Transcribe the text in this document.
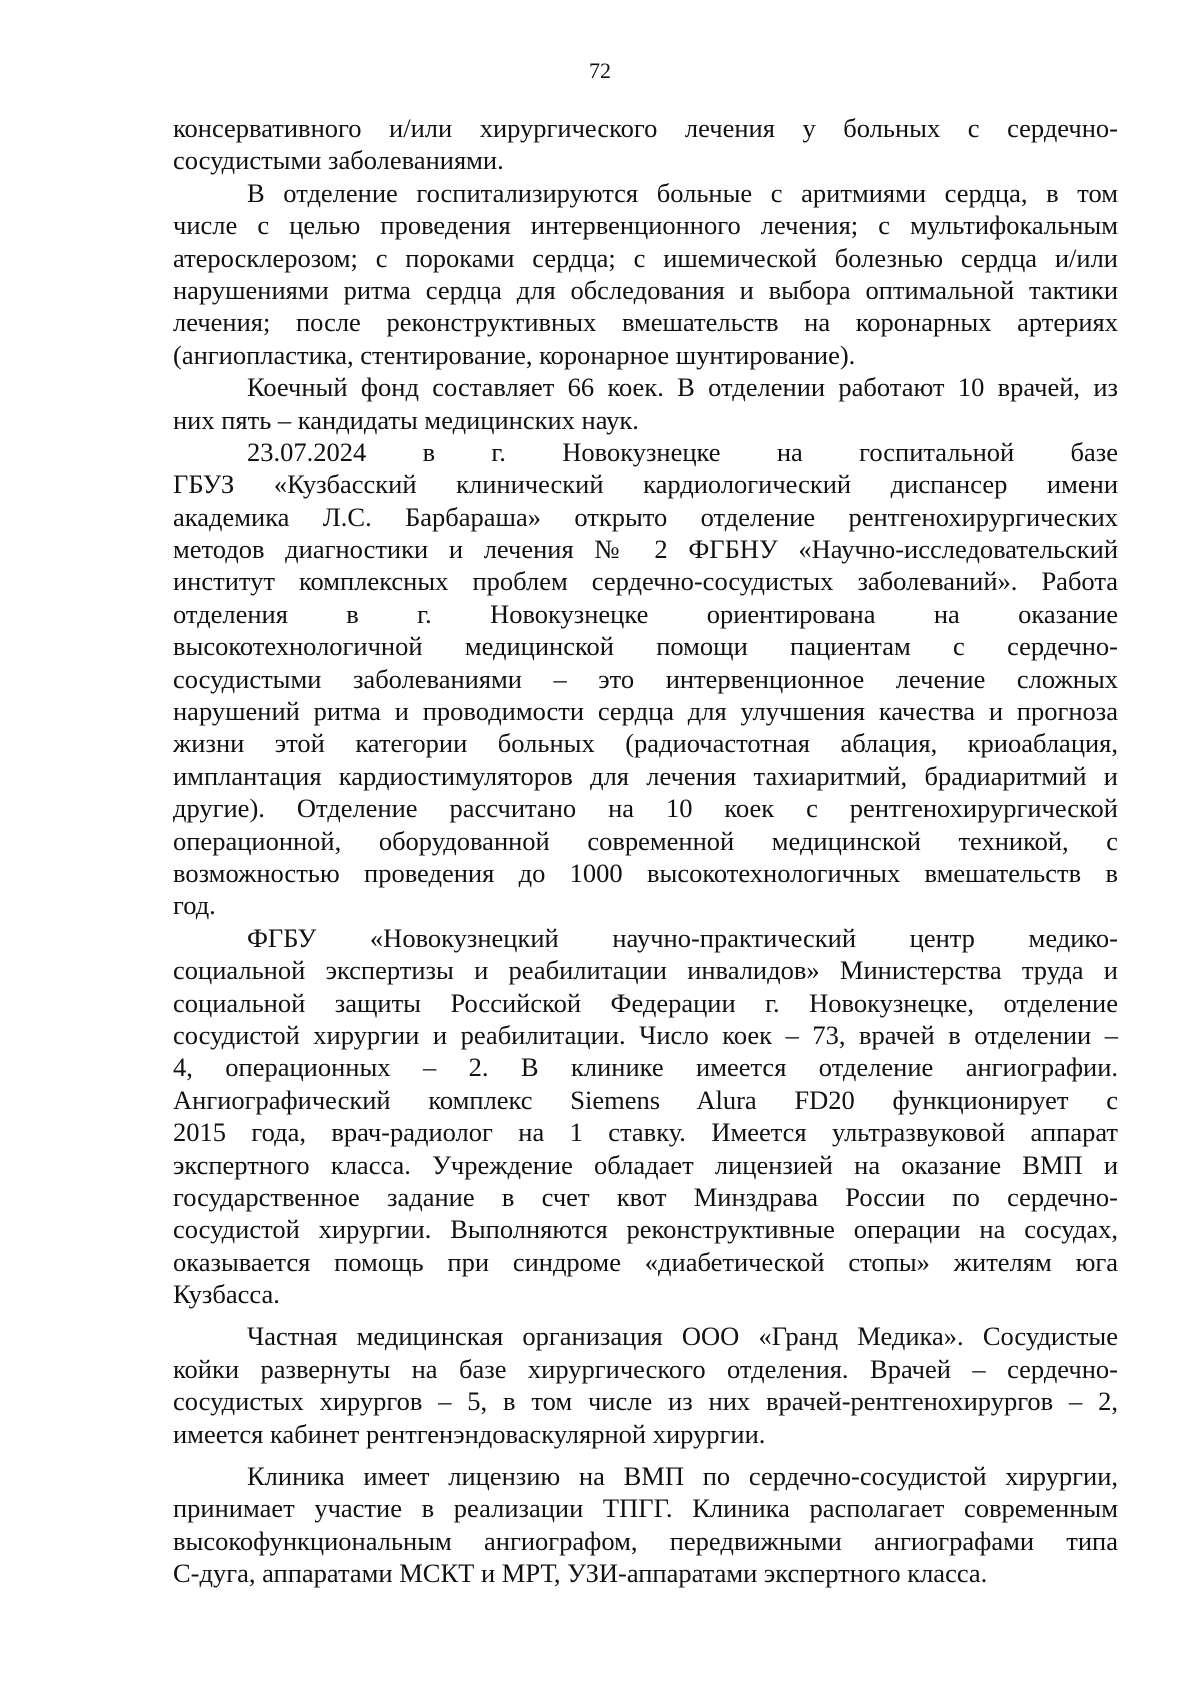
72
консервативного и/или хирургического лечения у больных с сердечно-
сосудистыми заболеваниями.
В отделение госпитализируются больные с аритмиями сердца, в том
числе с целью проведения интервенционного лечения; с мультифокальным
атеросклерозом; с пороками сердца; с ишемической болезнью сердца и/или
нарушениями ритма сердца для обследования и выбора оптимальной тактики
лечения; после реконструктивных вмешательств на коронарных артериях
(ангиопластика, стентирование, коронарное шунтирование).
Коечный фонд составляет 66 коек. В отделении работают 10 врачей, из
них пять – кандидаты медицинских наук.
23.07.2024 в г. Новокузнецке на госпитальной базе
ГБУЗ «Кузбасский клинический кардиологический диспансер имени
академика Л.С. Барбараша» открыто отделение рентгенохирургических
методов диагностики и лечения № 2 ФГБНУ «Научно-исследовательский
институт комплексных проблем сердечно-сосудистых заболеваний». Работа
отделения в г. Новокузнецке ориентирована на оказание
высокотехнологичной медицинской помощи пациентам с сердечно-
сосудистыми заболеваниями – это интервенционное лечение сложных
нарушений ритма и проводимости сердца для улучшения качества и прогноза
жизни этой категории больных (радиочастотная аблация, криоаблация,
имплантация кардиостимуляторов для лечения тахиаритмий, брадиаритмий и
другие). Отделение рассчитано на 10 коек с рентгенохирургической
операционной, оборудованной современной медицинской техникой, с
возможностью проведения до 1000 высокотехнологичных вмешательств в
год.
ФГБУ «Новокузнецкий научно-практический центр медико-
социальной экспертизы и реабилитации инвалидов» Министерства труда и
социальной защиты Российской Федерации г. Новокузнецке, отделение
сосудистой хирургии и реабилитации. Число коек – 73, врачей в отделении –
4, операционных – 2. В клинике имеется отделение ангиографии.
Ангиографический комплекс Siemens Alura FD20 функционирует с
2015 года, врач-радиолог на 1 ставку. Имеется ультразвуковой аппарат
экспертного класса. Учреждение обладает лицензией на оказание ВМП и
государственное задание в счет квот Минздрава России по сердечно-
сосудистой хирургии. Выполняются реконструктивные операции на сосудах,
оказывается помощь при синдроме «диабетической стопы» жителям юга
Кузбасса.
Частная медицинская организация ООО «Гранд Медика». Сосудистые
койки развернуты на базе хирургического отделения. Врачей – сердечно-
сосудистых хирургов – 5, в том числе из них врачей-рентгенохирургов – 2,
имеется кабинет рентгенэндоваскулярной хирургии.
Клиника имеет лицензию на ВМП по сердечно-сосудистой хирургии,
принимает участие в реализации ТПГГ. Клиника располагает современным
высокофункциональным ангиографом, передвижными ангиографами типа
С-дуга, аппаратами МСКТ и МРТ, УЗИ-аппаратами экспертного класса.
